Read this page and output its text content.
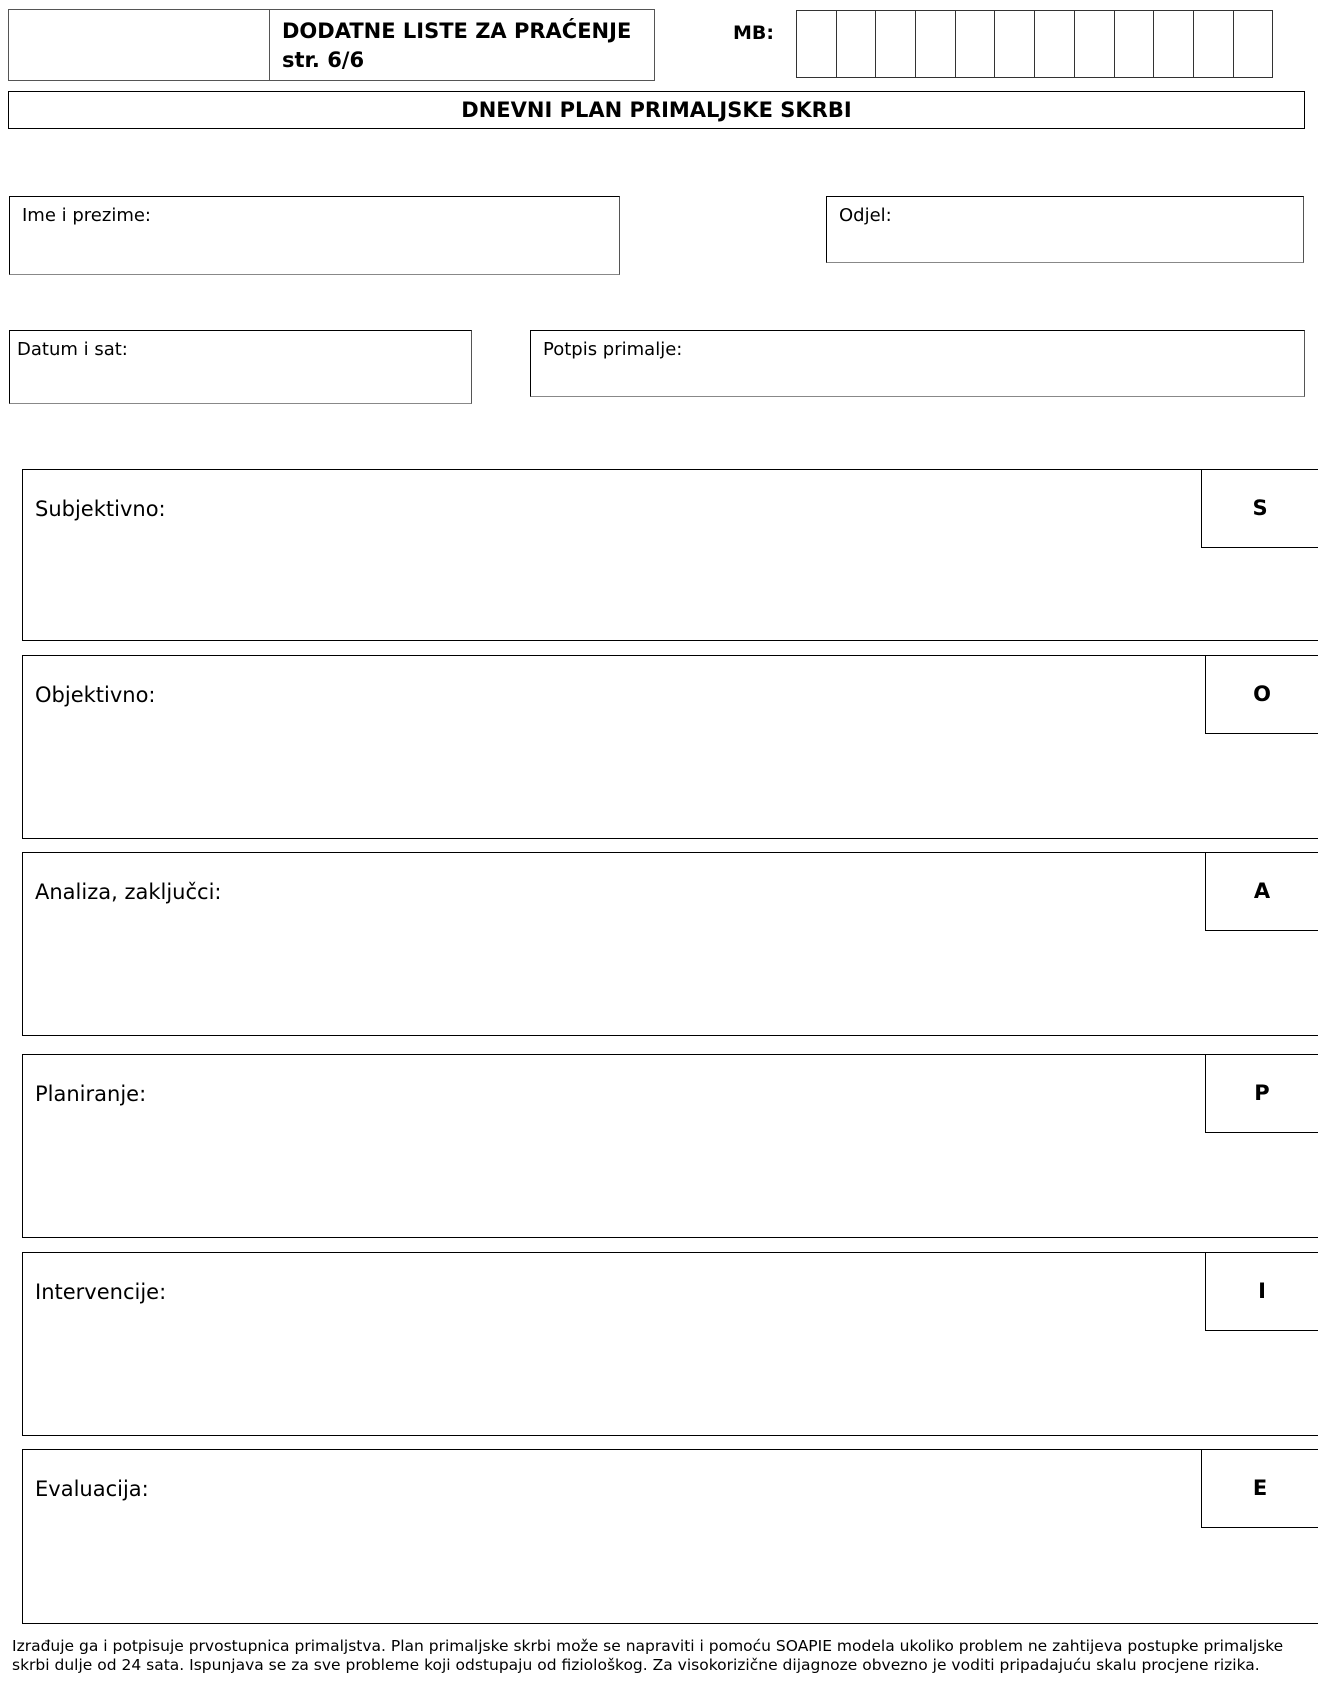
DODATNE LISTE ZA PRAĆENJE
str. 6/6
MB:
DNEVNI PLAN PRIMALJSKE SKRBI
Ime i prezime:	Odjel:
Datum i sat:	Potpis primalje:
Subjektivno:	S
Objektivno:	O
Analiza, zaključci:	A
Planiranje:	P
Intervencije:	I
Evaluacija:	E
Izrađuje ga i potpisuje prvostupnica primaljstva. Plan primaljske skrbi može se napraviti i pomoću SOAPIE modela ukoliko problem ne zahtijeva postupke primaljske skrbi dulje od 24 sata. Ispunjava se za sve probleme koji odstupaju od fiziološkog. Za visokorizične dijagnoze obvezno je voditi pripadajuću skalu procjene rizika.
